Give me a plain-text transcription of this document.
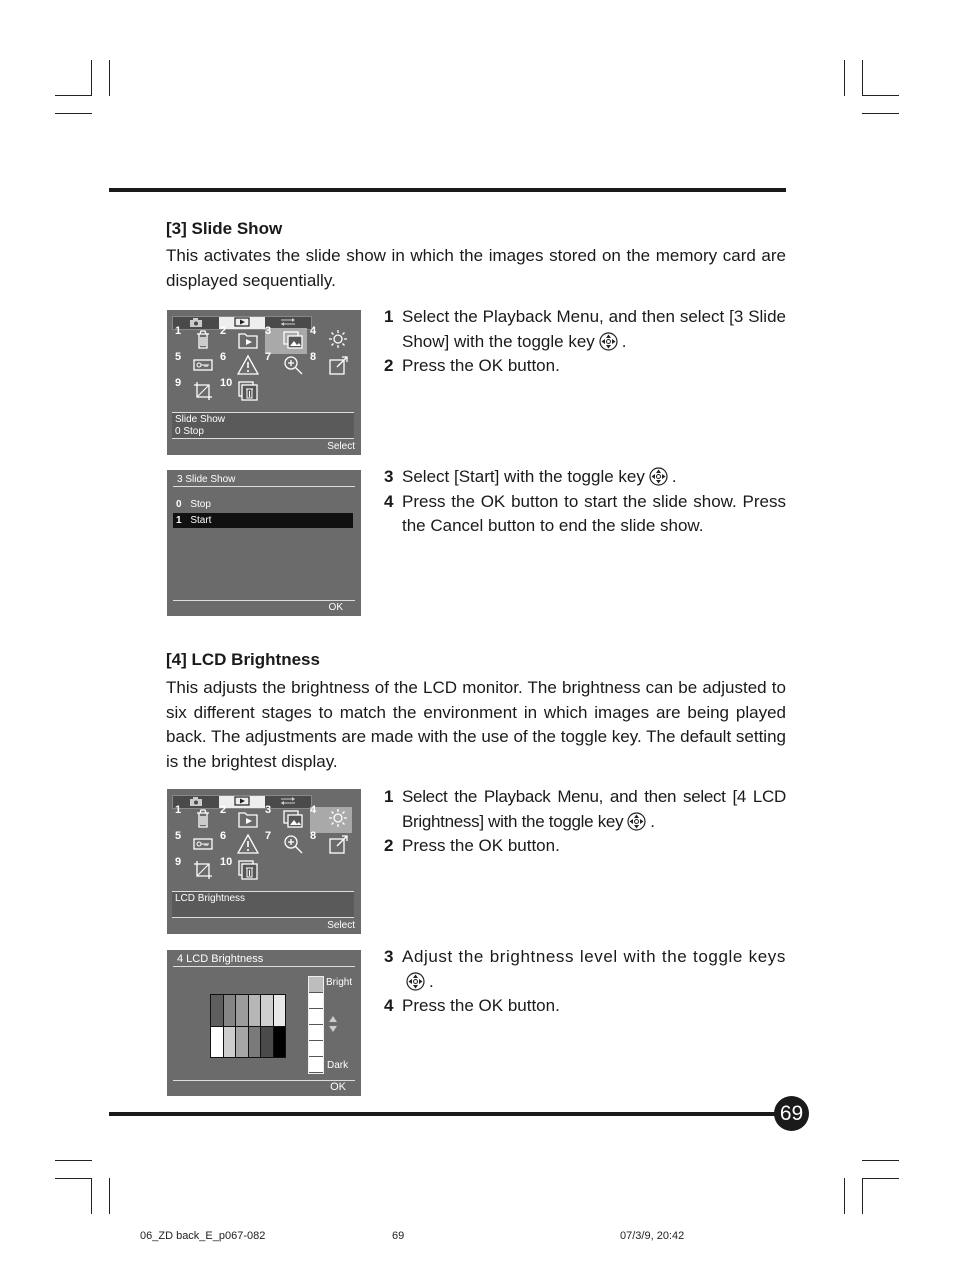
[3] Slide Show

This activates the slide show in which the images stored on the memory card are displayed sequentially.

1	2	3	4
5	6	7	8
9	10
Slide Show
0 Stop
Select
1 Select the Playback Menu, and then select [3 Slide Show] with the toggle key .
2 Press the OK button.
3 Slide Show
0 Stop
1 Start
OK
3 Select [Start] with the toggle key .
4 Press the OK button to start the slide show. Press the Cancel button to end the slide show.
[4] LCD Brightness

This adjusts the brightness of the LCD monitor. The brightness can be adjusted to six different stages to match the environment in which images are being played back. The adjustments are made with the use of the toggle key. The default setting is the brightest display.

1	2	3	4
5	6	7	8
9	10
LCD Brightness
Select
1 Select the Playback Menu, and then select [4 LCD Brightness] with the toggle key .
2 Press the OK button.
4 LCD Brightness
Bright
Dark
OK
3 Adjust the brightness level with the toggle keys.
4 Press the OK button.
69
06_ZD back_E_p067-082	69	07/3/9, 20:42
